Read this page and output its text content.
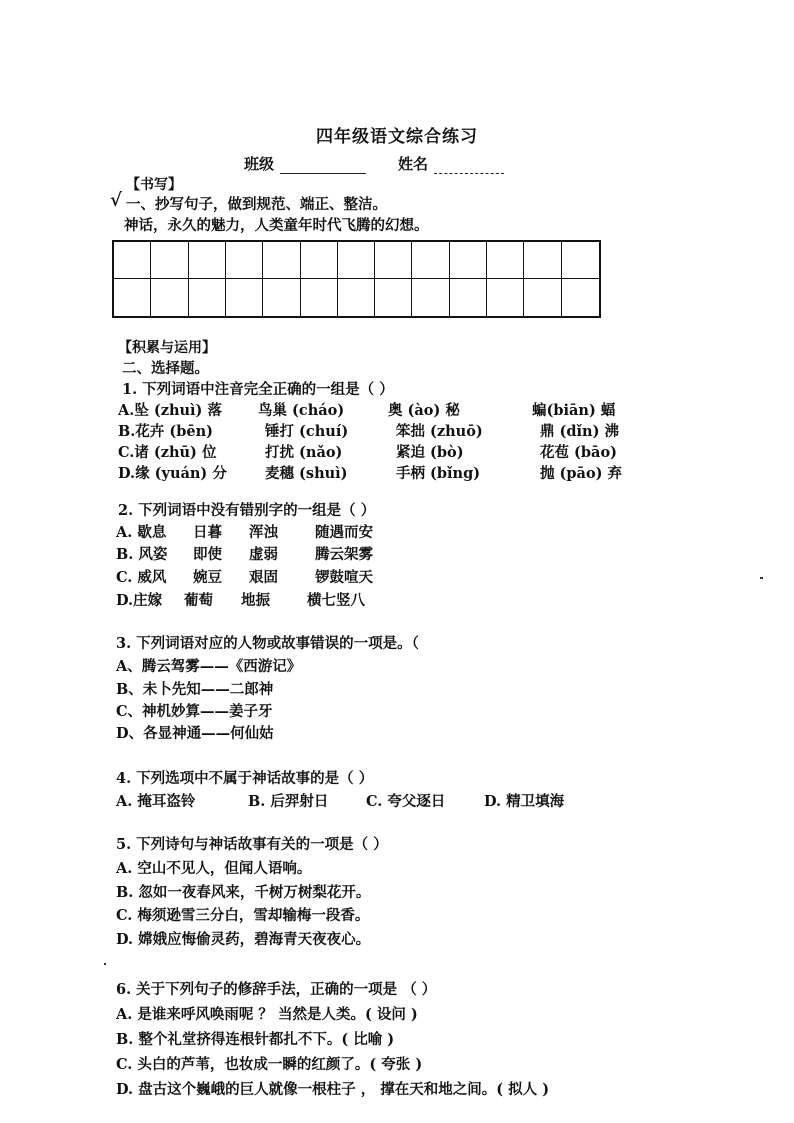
四年级语文综合练习
班级	姓名
【书写】
√ 一、抄写句子，做到规范、端正、整洁。
神话，永久的魅力，人类童年时代飞腾的幻想。
【积累与运用】
二、选择题。
1. 下列词语中注音完全正确的一组是（ ）
A.坠 (zhuì) 落 鸟巢 (cháo)	奥 (ào) 秘	蝙(biān) 蝠
B.花卉 (bēn)	锤打 (chuí)	笨拙 (zhuō)	鼎 (dǐn) 沸
C.诸 (zhū) 位	打扰 (nǎo)	紧迫 (bò)	花苞 (bāo)
D.缘 (yuán) 分	麦穗 (shuì)	手柄 (bǐng)	抛 (pāo) 弃
2. 下列词语中没有错别字的一组是（ ）
A. 歇息 日暮 浑浊	随遇而安
B. 风姿 即使 虚弱	腾云架雾
C. 威风 婉豆 艰固	锣鼓喧天
D.庄嫁 葡萄 地振	横七竖八
3. 下列词语对应的人物或故事错误的一项是。（
A、腾云驾雾——《西游记》
B、未卜先知——二郎神
C、神机妙算——姜子牙
D、各显神通——何仙姑
4. 下列选项中不属于神话故事的是（ ）
A. 掩耳盗铃	B. 后羿射日	C. 夸父逐日	D. 精卫填海
5. 下列诗句与神话故事有关的一项是（ ）
A. 空山不见人，但闻人语响。
B. 忽如一夜春风来，千树万树梨花开。
C. 梅须逊雪三分白，雪却输梅一段香。
D. 嫦娥应悔偷灵药，碧海青天夜夜心。
6. 关于下列句子的修辞手法，正确的一项是 （ ）
A. 是谁来呼风唤雨呢 ？ 当然是人类。( 设问 )
B. 整个礼堂挤得连根针都扎不下。( 比喻 )
C. 头白的芦苇，也妆成一瞬的红颜了。( 夸张 )
D. 盘古这个巍峨的巨人就像一根柱子 ， 撑在天和地之间。( 拟人 )
